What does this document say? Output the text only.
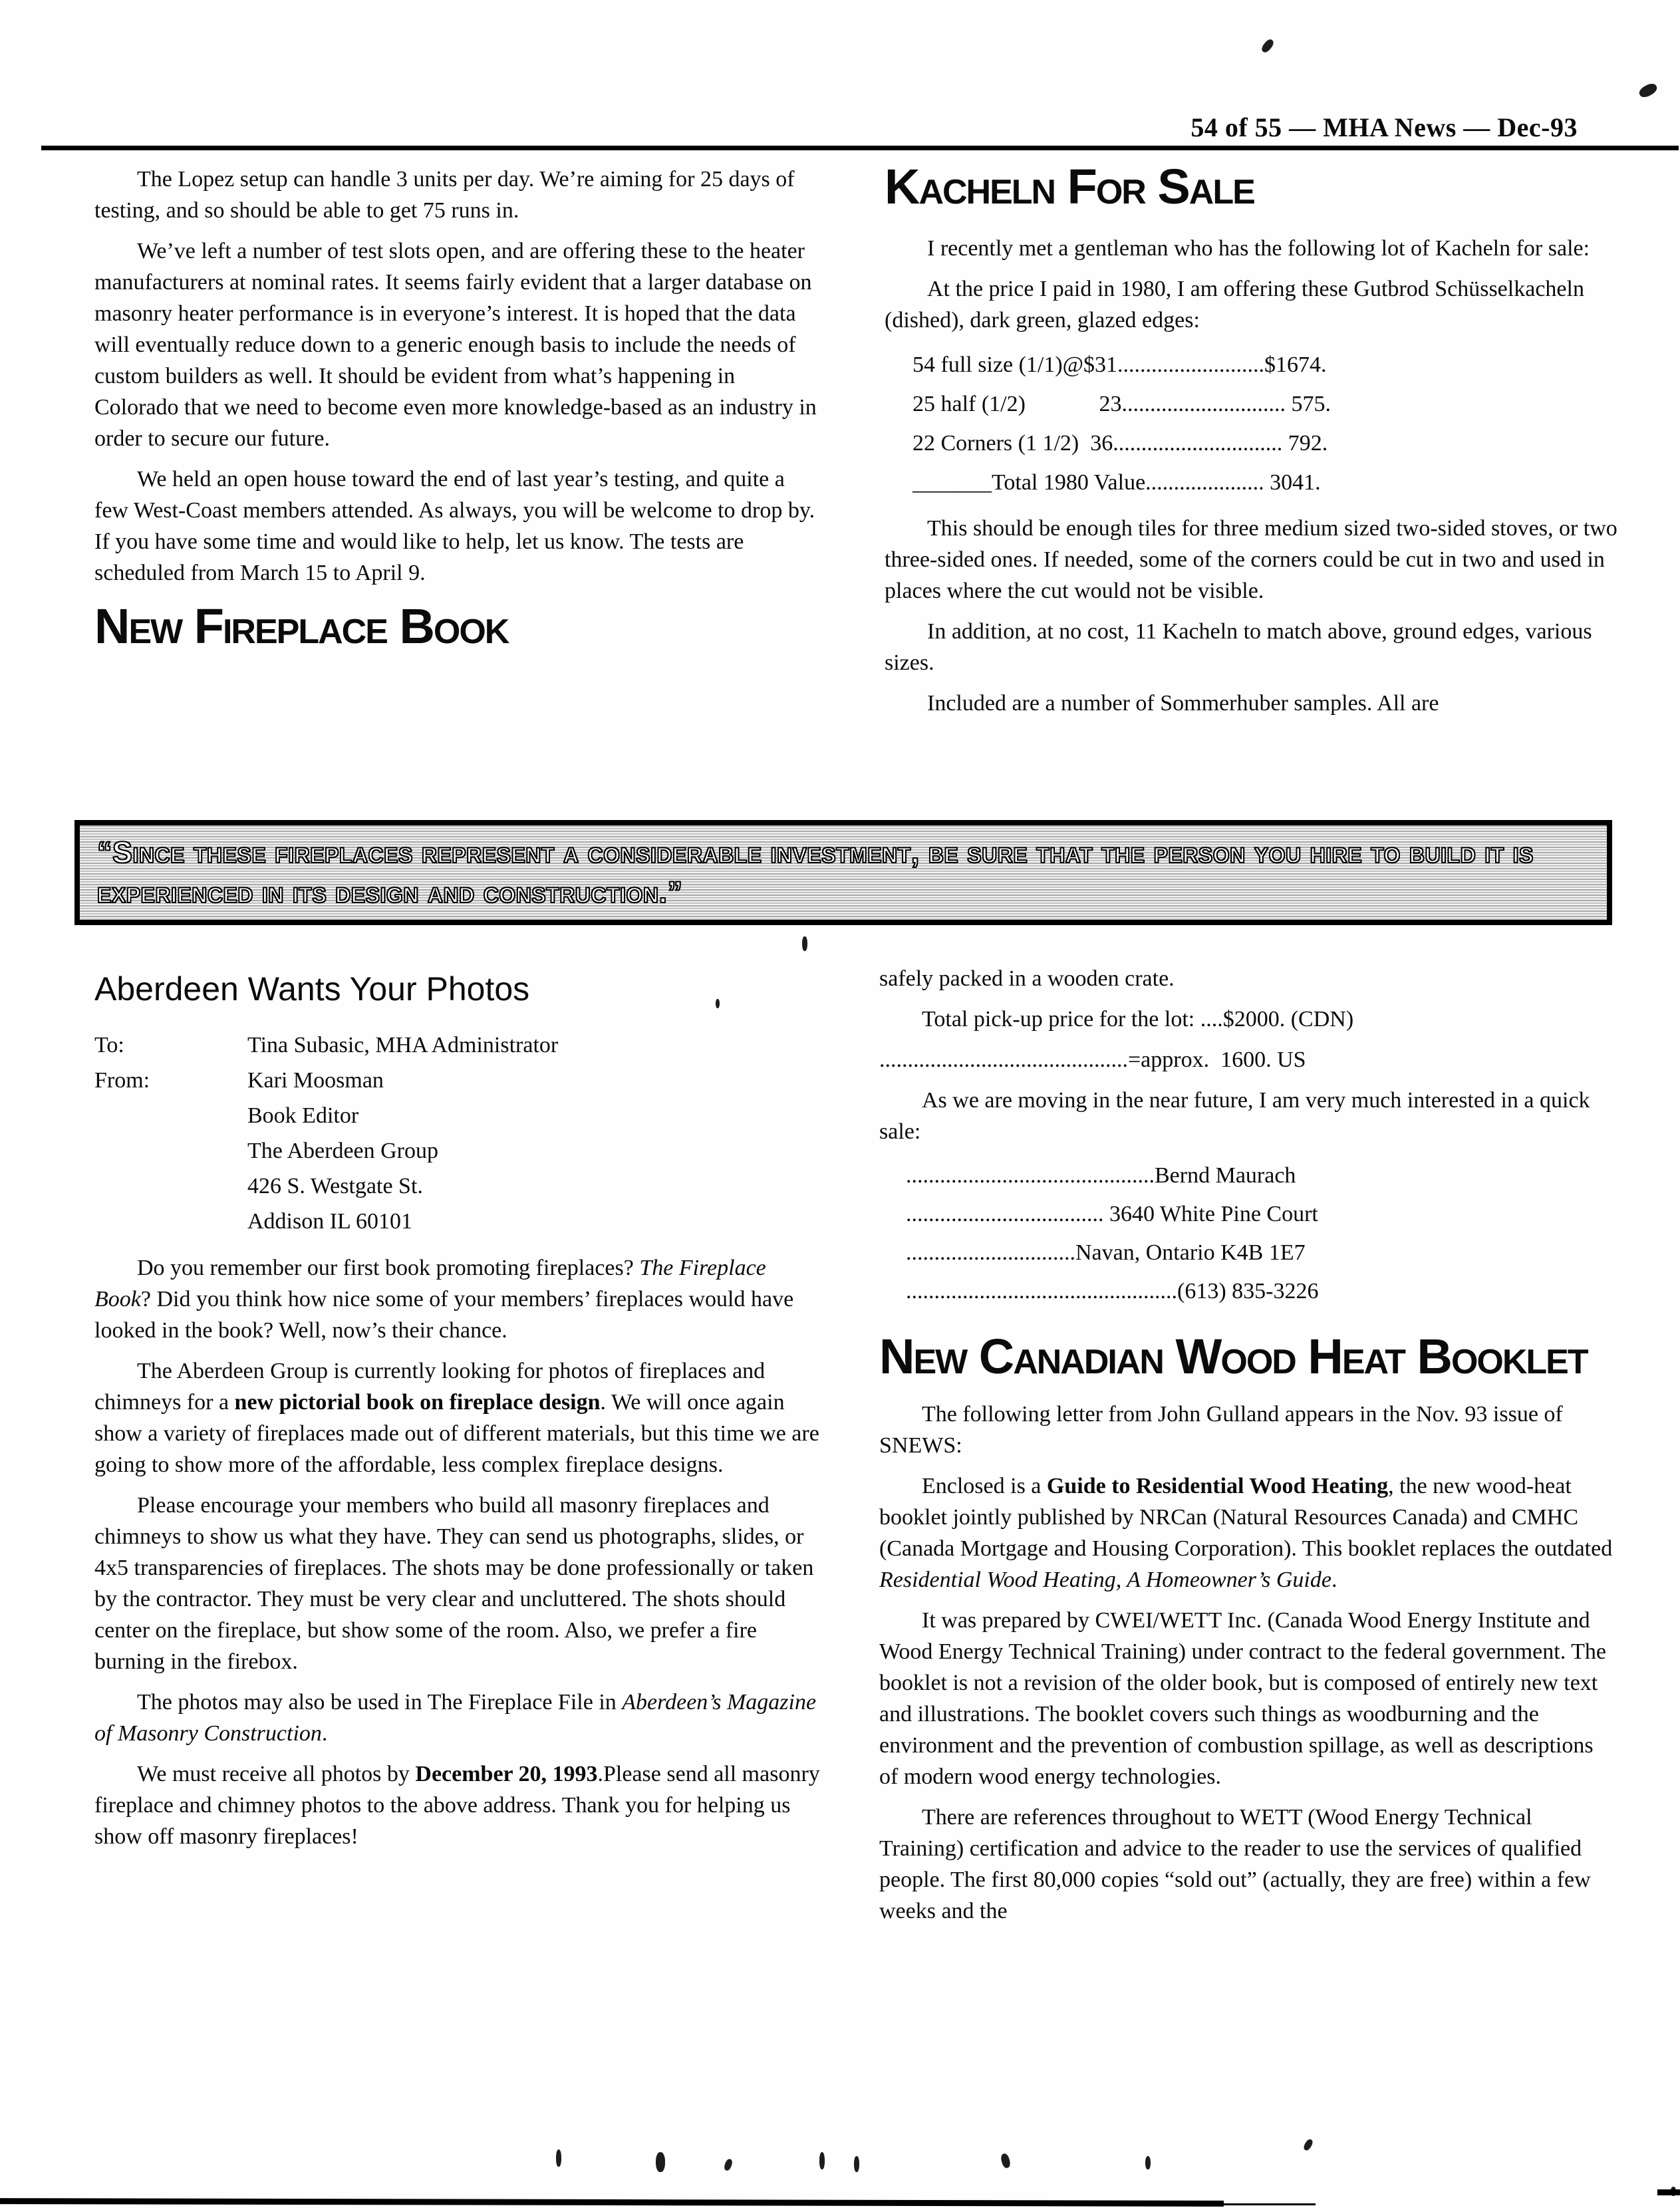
54 of 55 — MHA News — Dec-93

The Lopez setup can handle 3 units per day. We’re aiming for 25 days of testing, and so should be able to get 75 runs in.

We’ve left a number of test slots open, and are offering these to the heater manufacturers at nominal rates. It seems fairly evident that a larger database on masonry heater performance is in everyone’s interest. It is hoped that the data will eventually reduce down to a generic enough basis to include the needs of custom builders as well. It should be evident from what’s happening in Colorado that we need to become even more knowledge-based as an industry in order to secure our future.

We held an open house toward the end of last year’s testing, and quite a few West-Coast members attended. As always, you will be welcome to drop by. If you have some time and would like to help, let us know. The tests are scheduled from March 15 to April 9.

New Fireplace Book
Kacheln For Sale

I recently met a gentleman who has the following lot of Kacheln for sale:

At the price I paid in 1980, I am offering these Gutbrod Schüsselkacheln (dished), dark green, glazed edges:

54 full size (1/1)@$31..........................$1674.
25 half (1/2)             23............................. 575.
22 Corners (1 1/2)  36.............................. 792.
_______Total 1980 Value..................... 3041.

This should be enough tiles for three medium sized two-sided stoves, or two three-sided ones. If needed, some of the corners could be cut in two and used in places where the cut would not be visible.

In addition, at no cost, 11 Kacheln to match above, ground edges, various sizes.

Included are a number of Sommerhuber samples. All are

“Since these fireplaces represent a considerable investment, be sure that the person you hire to build it is experienced in its design and construction.”
Aberdeen Wants Your Photos
To:	Tina Subasic, MHA Administrator
From:	Kari Moosman
Book Editor
The Aberdeen Group
426 S. Westgate St.
Addison IL 60101

Do you remember our first book promoting fireplaces? The Fireplace Book? Did you think how nice some of your members’ fireplaces would have looked in the book? Well, now’s their chance.

The Aberdeen Group is currently looking for photos of fireplaces and chimneys for a new pictorial book on fireplace design. We will once again show a variety of fireplaces made out of different materials, but this time we are going to show more of the affordable, less complex fireplace designs.

Please encourage your members who build all masonry fireplaces and chimneys to show us what they have. They can send us photographs, slides, or 4x5 transparencies of fireplaces. The shots may be done professionally or taken by the contractor. They must be very clear and uncluttered. The shots should center on the fireplace, but show some of the room. Also, we prefer a fire burning in the firebox.

The photos may also be used in The Fireplace File in Aberdeen’s Magazine of Masonry Construction.

We must receive all photos by December 20, 1993.Please send all masonry fireplace and chimney photos to the above address. Thank you for helping us show off masonry fireplaces!

safely packed in a wooden crate.

Total pick-up price for the lot: ....$2000. (CDN)

............................................=approx.  1600. US

As we are moving in the near future, I am very much interested in a quick sale:

............................................Bernd Maurach
................................... 3640 White Pine Court
..............................Navan, Ontario K4B 1E7
................................................(613) 835-3226
New Canadian Wood Heat Booklet

The following letter from John Gulland appears in the Nov. 93 issue of SNEWS:

Enclosed is a Guide to Residential Wood Heating, the new wood-heat booklet jointly published by NRCan (Natural Resources Canada) and CMHC (Canada Mortgage and Housing Corporation). This booklet replaces the outdated Residential Wood Heating, A Homeowner’s Guide.

It was prepared by CWEI/WETT Inc. (Canada Wood Energy Institute and Wood Energy Technical Training) under contract to the federal government. The booklet is not a revision of the older book, but is composed of entirely new text and illustrations. The booklet covers such things as woodburning and the environment and the prevention of combustion spillage, as well as descriptions of modern wood energy technologies.

There are references throughout to WETT (Wood Energy Technical Training) certification and advice to the reader to use the services of qualified people. The first 80,000 copies “sold out” (actually, they are free) within a few weeks and the
